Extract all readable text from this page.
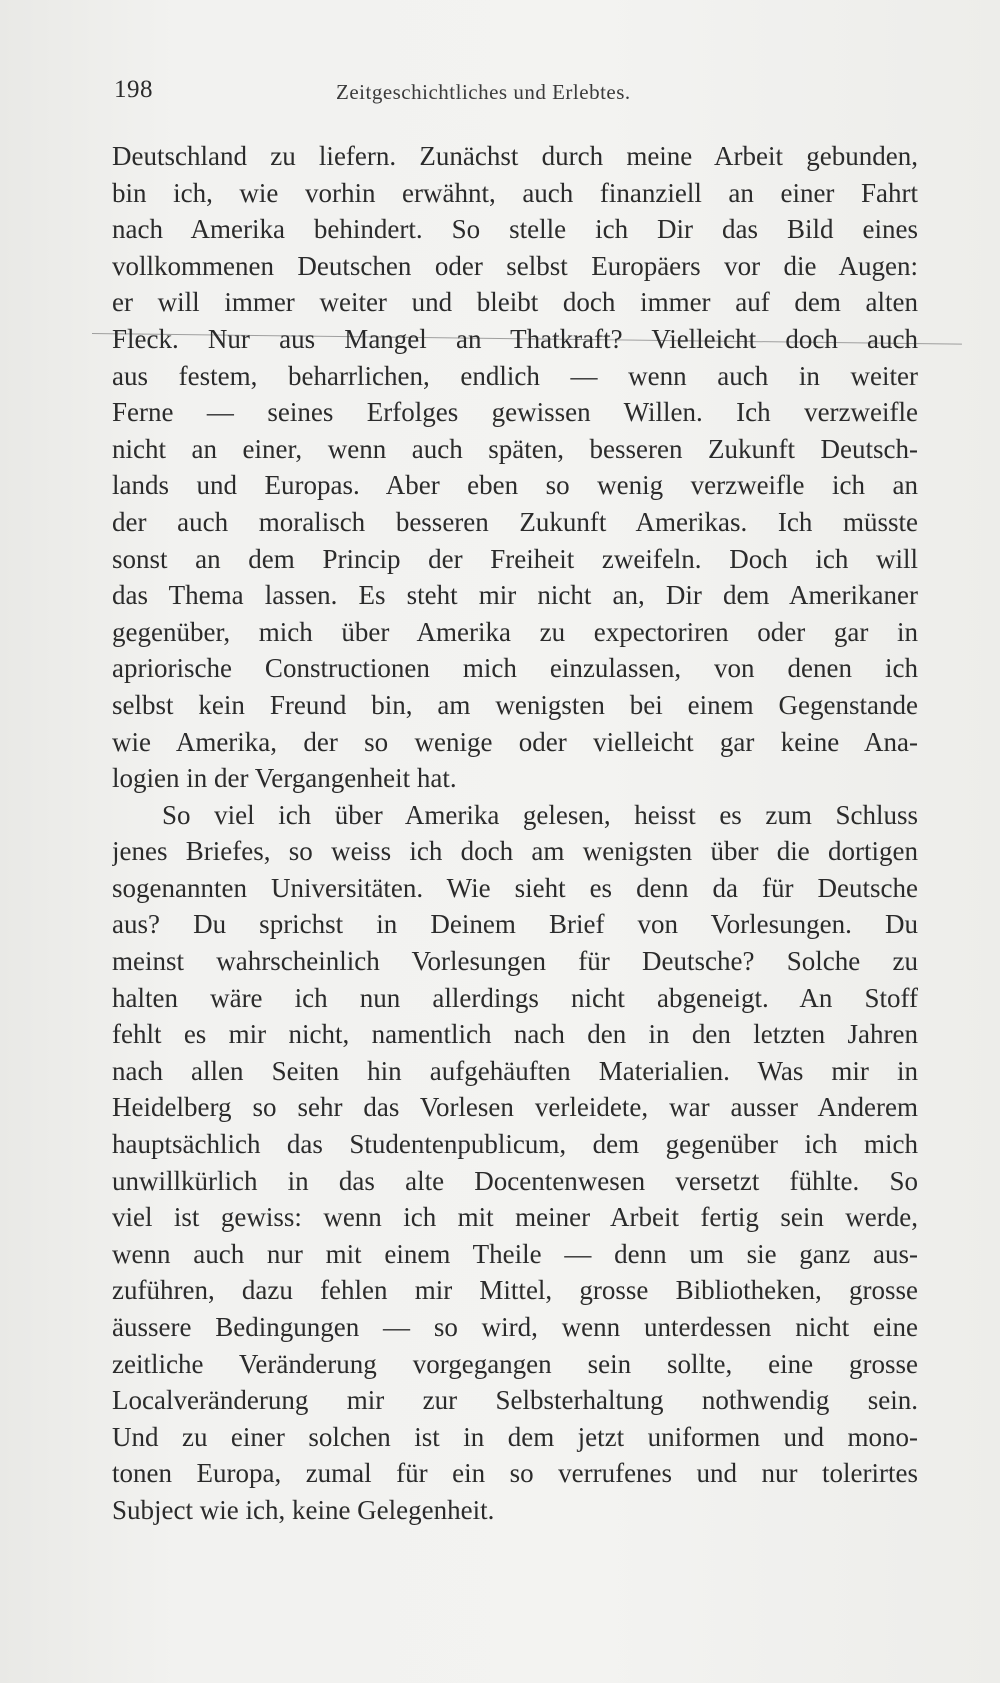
198	Zeitgeschichtliches und Erlebtes.
Deutschland zu liefern. Zunächst durch meine Arbeit gebunden,
bin ich, wie vorhin erwähnt, auch finanziell an einer Fahrt
nach Amerika behindert. So stelle ich Dir das Bild eines
vollkommenen Deutschen oder selbst Europäers vor die Augen:
er will immer weiter und bleibt doch immer auf dem alten
Fleck. Nur aus Mangel an Thatkraft? Vielleicht doch auch
aus festem, beharrlichen, endlich — wenn auch in weiter
Ferne — seines Erfolges gewissen Willen. Ich verzweifle
nicht an einer, wenn auch späten, besseren Zukunft Deutsch-
lands und Europas. Aber eben so wenig verzweifle ich an
der auch moralisch besseren Zukunft Amerikas. Ich müsste
sonst an dem Princip der Freiheit zweifeln. Doch ich will
das Thema lassen. Es steht mir nicht an, Dir dem Amerikaner
gegenüber, mich über Amerika zu expectoriren oder gar in
apriorische Constructionen mich einzulassen, von denen ich
selbst kein Freund bin, am wenigsten bei einem Gegenstande
wie Amerika, der so wenige oder vielleicht gar keine Ana-
logien in der Vergangenheit hat.
So viel ich über Amerika gelesen, heisst es zum Schluss
jenes Briefes, so weiss ich doch am wenigsten über die dortigen
sogenannten Universitäten. Wie sieht es denn da für Deutsche
aus? Du sprichst in Deinem Brief von Vorlesungen. Du
meinst wahrscheinlich Vorlesungen für Deutsche? Solche zu
halten wäre ich nun allerdings nicht abgeneigt. An Stoff
fehlt es mir nicht, namentlich nach den in den letzten Jahren
nach allen Seiten hin aufgehäuften Materialien. Was mir in
Heidelberg so sehr das Vorlesen verleidete, war ausser Anderem
hauptsächlich das Studentenpublicum, dem gegenüber ich mich
unwillkürlich in das alte Docentenwesen versetzt fühlte. So
viel ist gewiss: wenn ich mit meiner Arbeit fertig sein werde,
wenn auch nur mit einem Theile — denn um sie ganz aus-
zuführen, dazu fehlen mir Mittel, grosse Bibliotheken, grosse
äussere Bedingungen — so wird, wenn unterdessen nicht eine
zeitliche Veränderung vorgegangen sein sollte, eine grosse
Localveränderung mir zur Selbsterhaltung nothwendig sein.
Und zu einer solchen ist in dem jetzt uniformen und mono-
tonen Europa, zumal für ein so verrufenes und nur tolerirtes
Subject wie ich, keine Gelegenheit.
